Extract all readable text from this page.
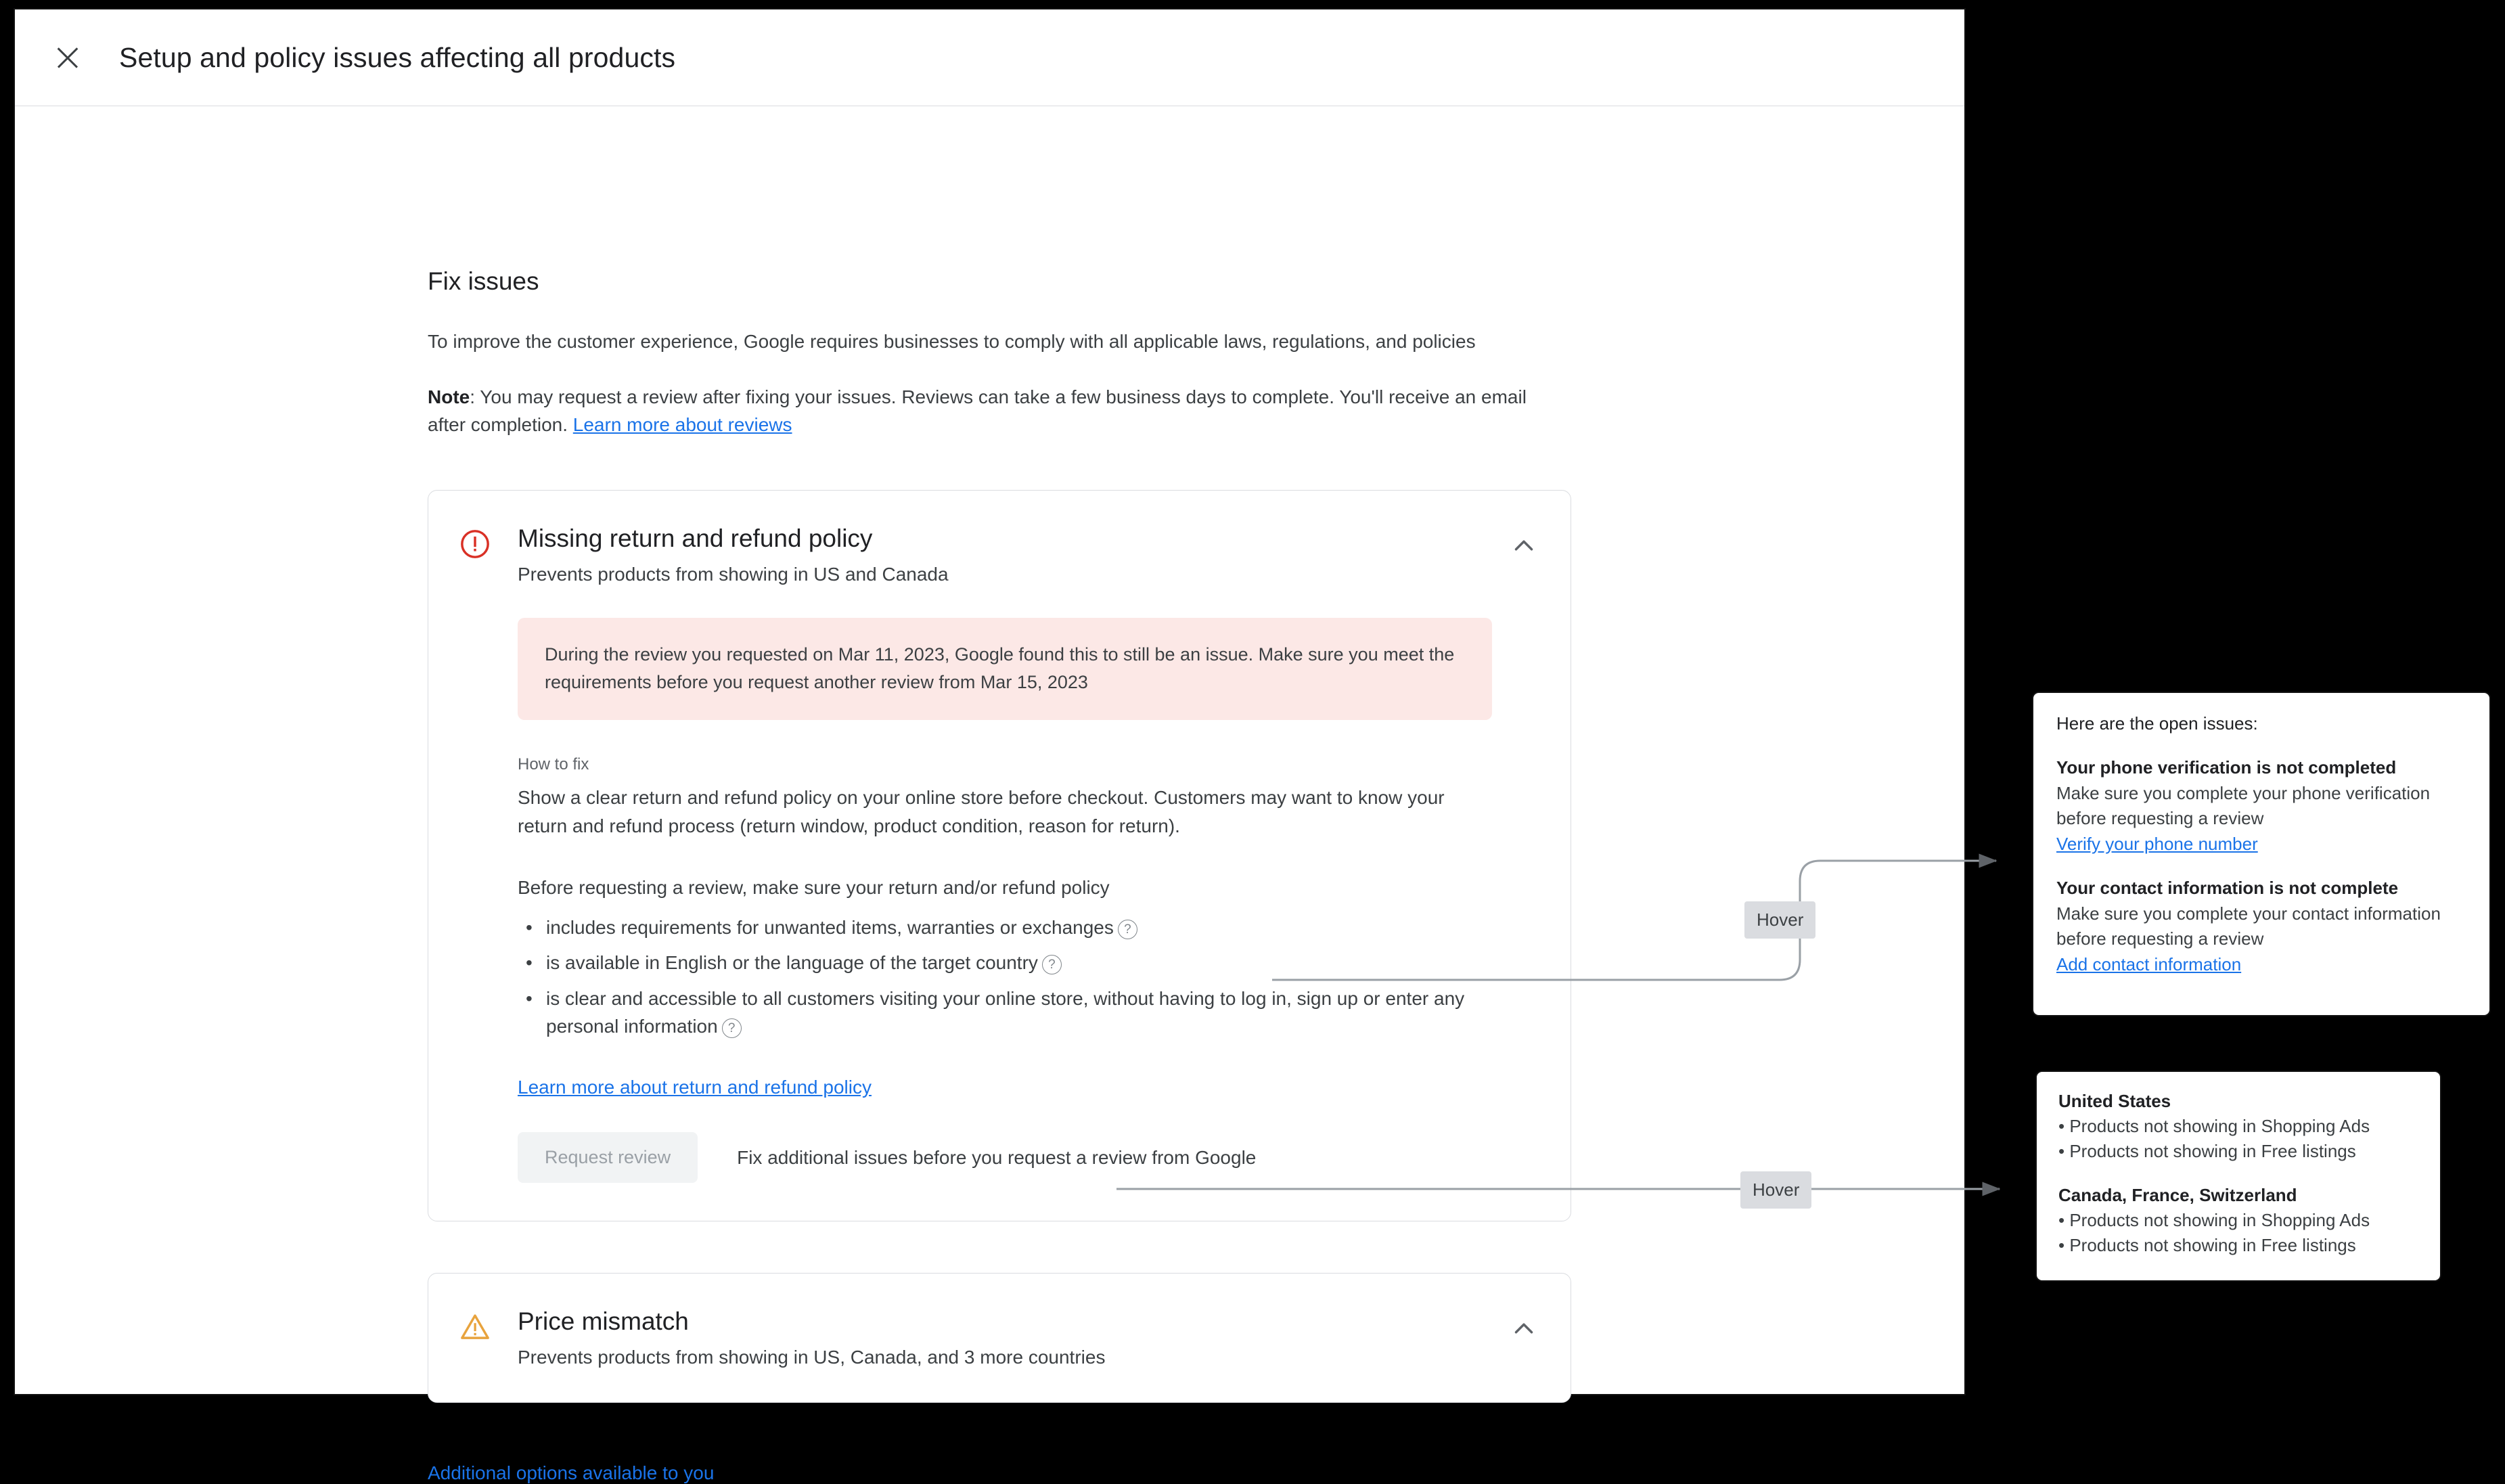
Setup and policy issues affecting all products
Fix issues
To improve the customer experience, Google requires businesses to comply with all applicable laws, regulations, and policies
Note: You may request a review after fixing your issues. Reviews can take a few business days to complete. You'll receive an email after completion. Learn more about reviews
Missing return and refund policy
Prevents products from showing in US and Canada
During the review you requested on Mar 11, 2023, Google found this to still be an issue. Make sure you meet the requirements before you request another review from Mar 15, 2023
How to fix
Show a clear return and refund policy on your online store before checkout. Customers may want to know your return and refund process (return window, product condition, reason for return).
Before requesting a review, make sure your return and/or refund policy
• includes requirements for unwanted items, warranties or exchanges ?
• is available in English or the language of the target country ?
• is clear and accessible to all customers visiting your online store, without having to log in, sign up or enter any personal information ?
Learn more about return and refund policy
Request review	Fix additional issues before you request a review from Google
Price mismatch
Prevents products from showing in US, Canada, and 3 more countries
Additional options available to you
Hover
Hover
Here are the open issues:
Your phone verification is not completed
Make sure you complete your phone verification before requesting a review
Verify your phone number
Your contact information is not complete
Make sure you complete your contact information before requesting a review
Add contact information
United States
• Products not showing in Shopping Ads
• Products not showing in Free listings
Canada, France, Switzerland
• Products not showing in Shopping Ads
• Products not showing in Free listings
